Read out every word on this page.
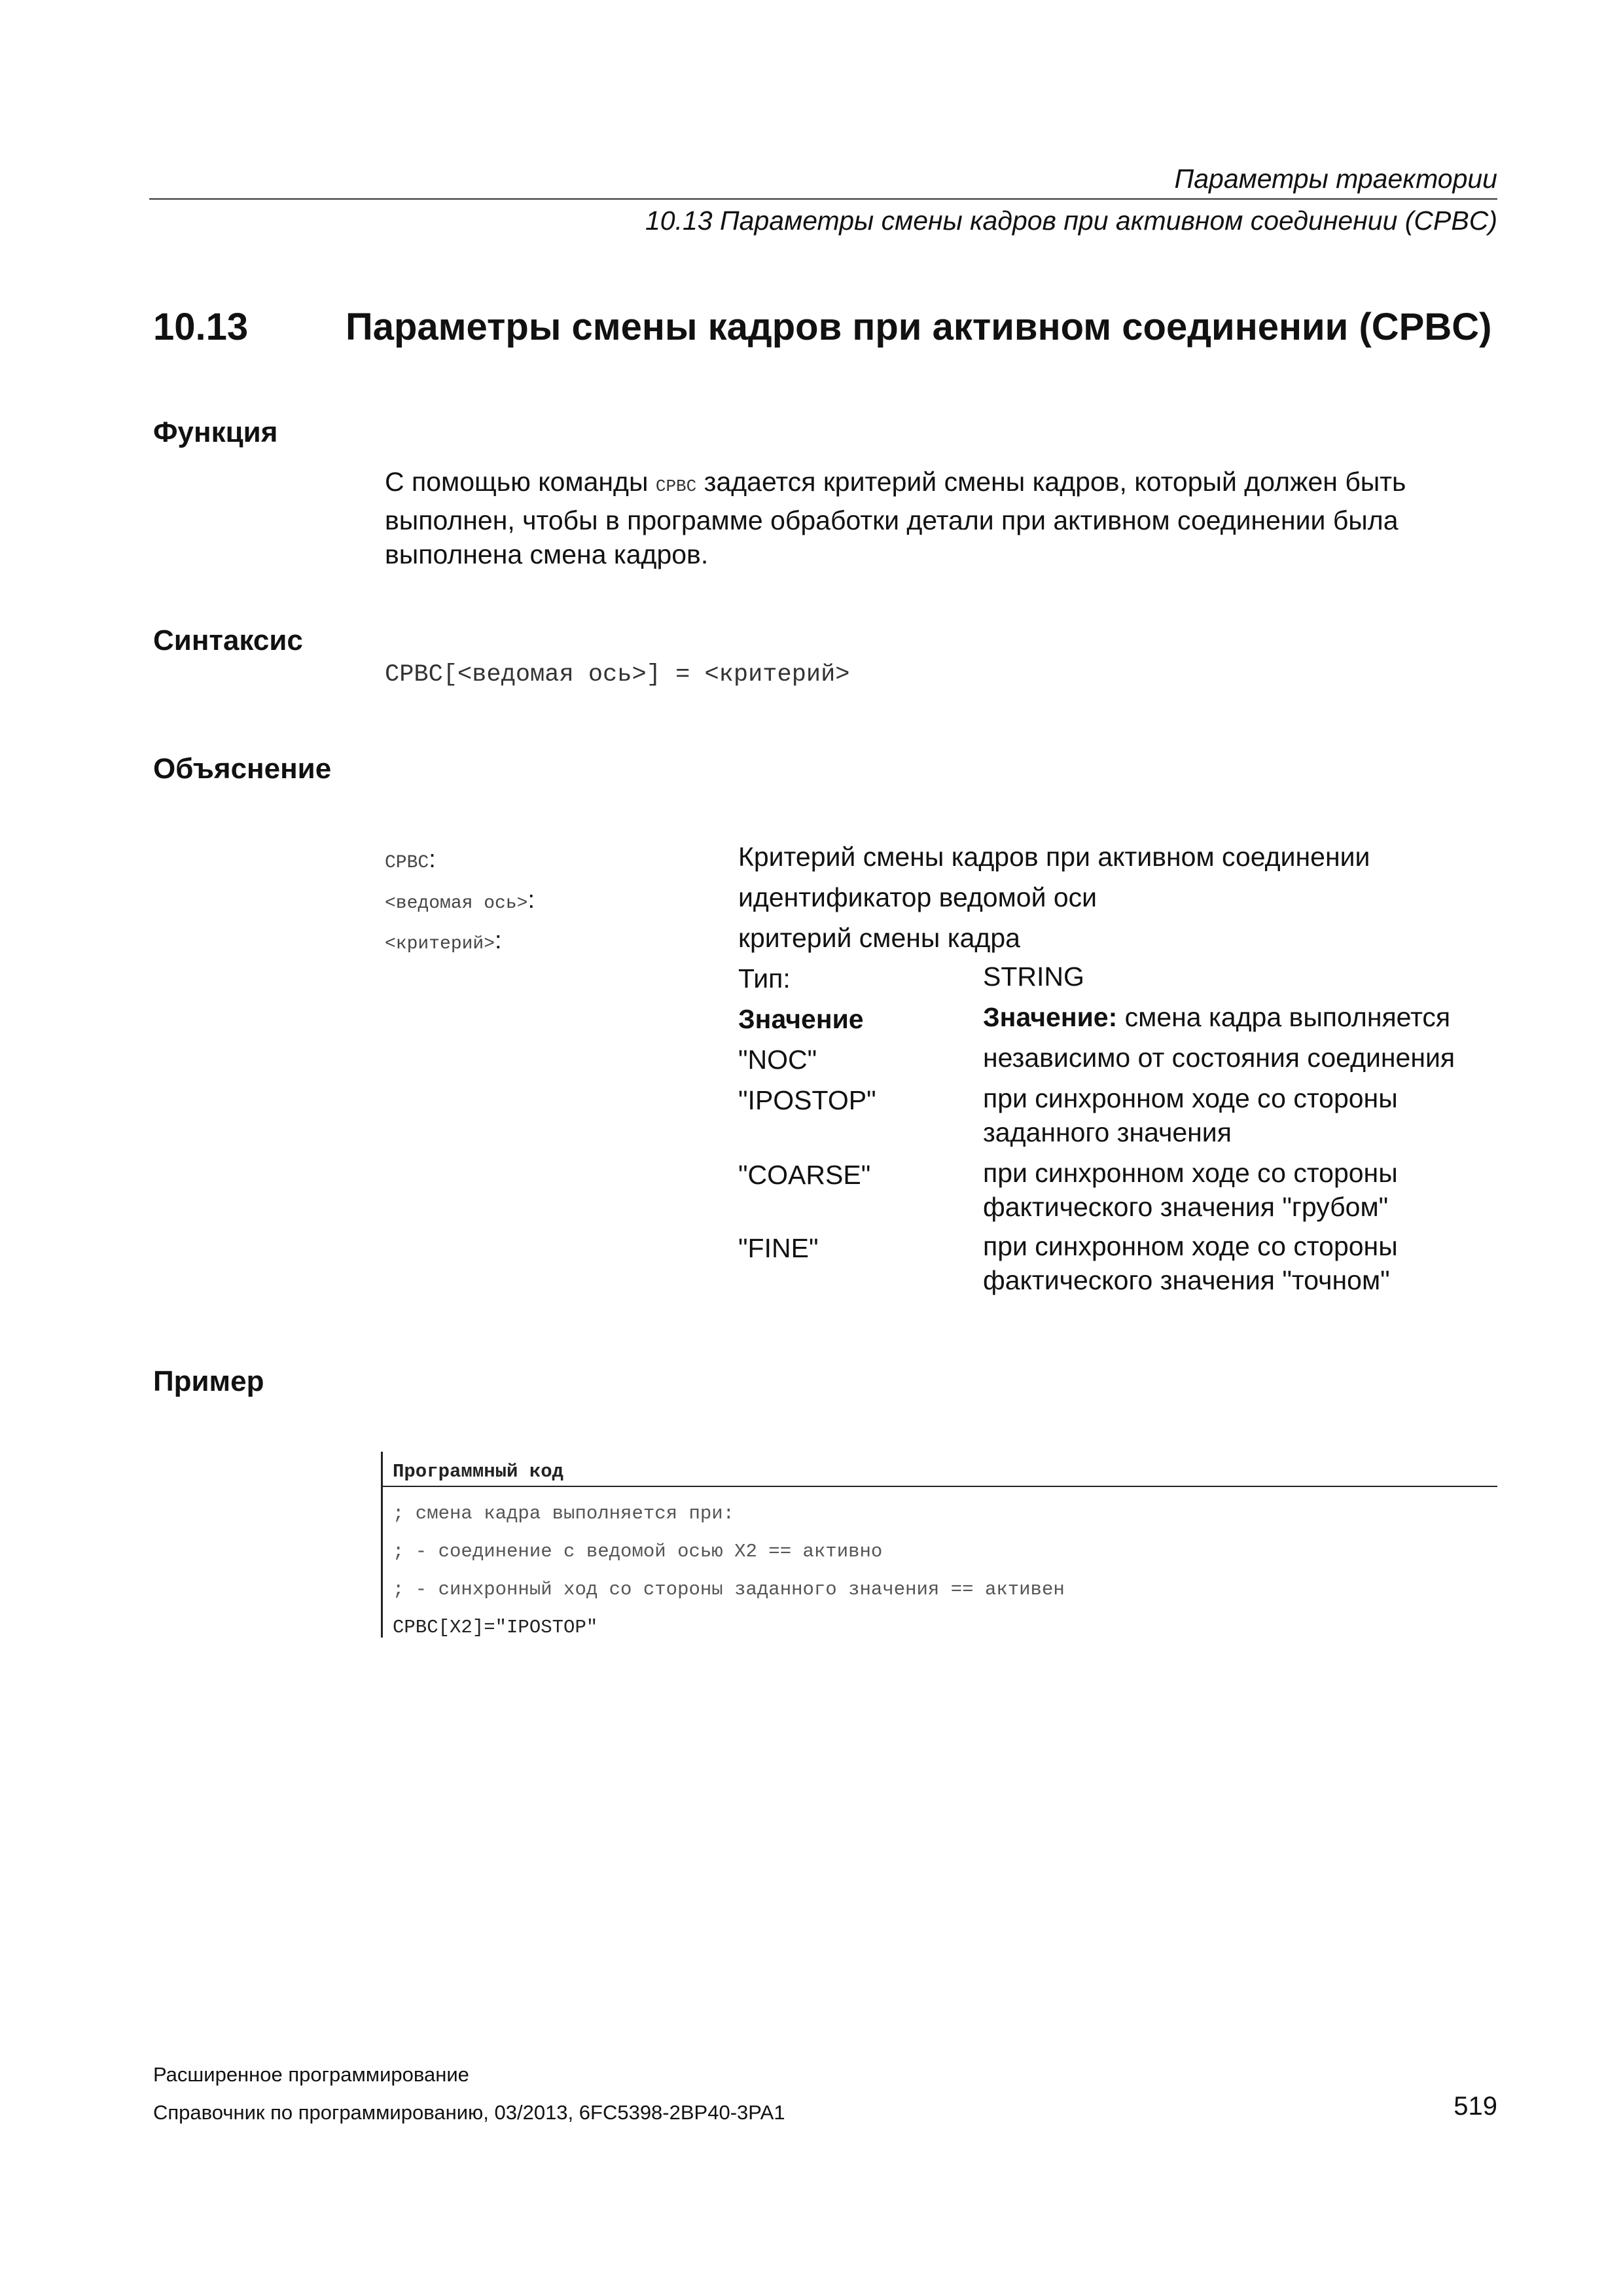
Параметры траектории
10.13 Параметры смены кадров при активном соединении (CPBC)
10.13	Параметры смены кадров при активном соединении (CPBC)
Функция
С помощью команды CPBC задается критерий смены кадров, который должен быть
выполнен, чтобы в программе обработки детали при активном соединении была
выполнена смена кадров.
Синтаксис
CPBC[<ведомая ось>] = <критерий>
Объяснение
CPBC:	Критерий смены кадров при активном соединении
<ведомая ось>:	идентификатор ведомой оси
<критерий>:	критерий смены кадра
Тип:	STRING
Значение	Значение: смена кадра выполняется
"NOC"	независимо от состояния соединения
"IPOSTOP"	при синхронном ходе со стороны
заданного значения
"COARSE"	при синхронном ходе со стороны
фактического значения "грубом"
"FINE"	при синхронном ходе со стороны
фактического значения "точном"
Пример
Программный код
; смена кадра выполняется при:
; - соединение с ведомой осью X2 == активно
; - синхронный ход со стороны заданного значения == активен
CPBC[X2]="IPOSTOP"
Расширенное программирование
Справочник по программированию, 03/2013, 6FC5398-2BP40-3PA1	519
